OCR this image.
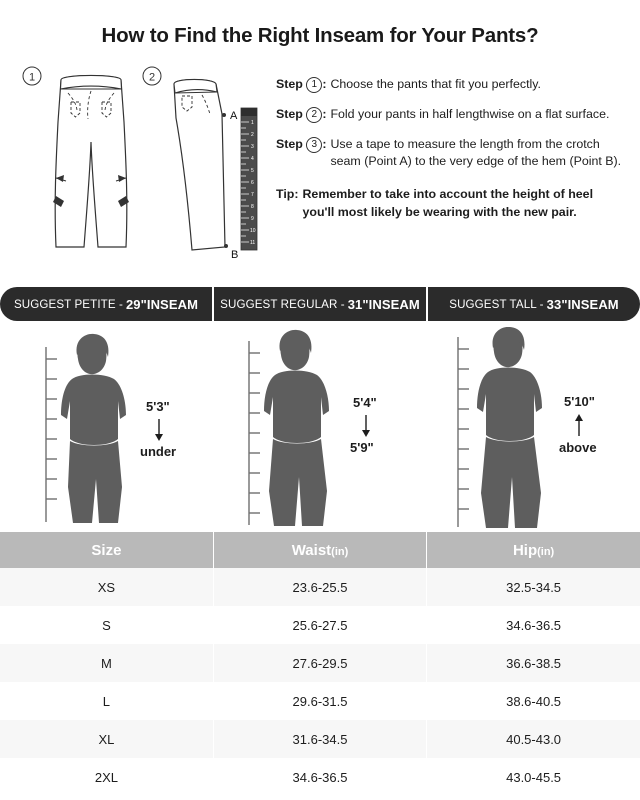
How to Find the Right Inseam for Your Pants?
1	2
A
B
1
2
3
4
5
6
7
8
9
10
11
Step 1 : Choose the pants that fit you perfectly.
Step 2 : Fold your pants in half lengthwise on a flat surface.
Step 3 : Use a tape to measure the length from the crotch seam (Point A) to the very edge of the hem (Point B).
Tip: Remember to take into account the height of heel you'll most likely be wearing with the new pair.
SUGGEST PETITE - 29"INSEAM SUGGEST REGULAR - 31"INSEAM	SUGGEST TALL - 33"INSEAM
5'3"
under
5'4"
5'9"
5'10"
above
Size	Waist(in)	Hip(in)
XS	23.6-25.5	32.5-34.5
S	25.6-27.5	34.6-36.5
M	27.6-29.5	36.6-38.5
L	29.6-31.5	38.6-40.5
XL	31.6-34.5	40.5-43.0
2XL	34.6-36.5	43.0-45.5
